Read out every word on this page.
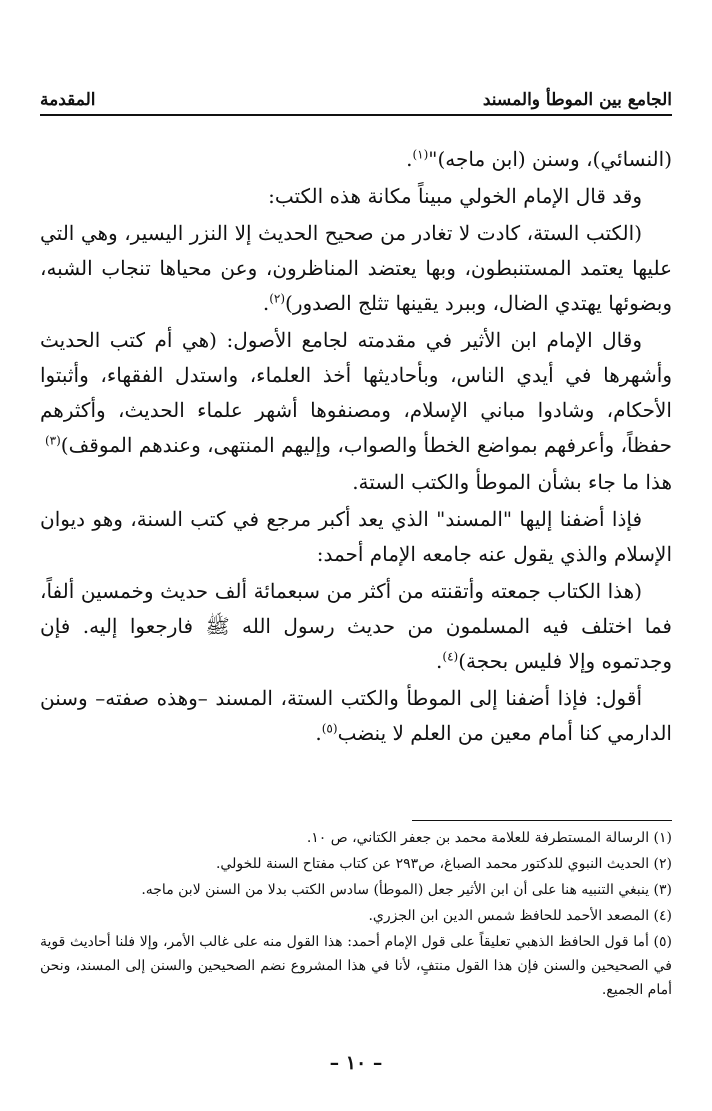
الجامع بين الموطأ والمسند
المقدمة

(النسائي)، وسنن (ابن ماجه)"$^{(١)}$.

وقد قال الإمام الخولي مبيناً مكانة هذه الكتب:

(الكتب الستة، كادت لا تغادر من صحيح الحديث إلا النزر اليسير، وهي التي عليها يعتمد المستنبطون، وبها يعتضد المناظرون، وعن محياها تنجاب الشبه، وبضوئها يهتدي الضال، وببرد يقينها تثلج الصدور)$^{(٢)}$.

وقال الإمام ابن الأثير في مقدمته لجامع الأصول: (هي أم كتب الحديث وأشهرها في أيدي الناس، وبأحاديثها أخذ العلماء، واستدل الفقهاء، وأثبتوا الأحكام، وشادوا مباني الإسلام، ومصنفوها أشهر علماء الحديث، وأكثرهم حفظاً، وأعرفهم بمواضع الخطأ والصواب، وإليهم المنتهى، وعندهم الموقف)$^{(٣)}$

هذا ما جاء بشأن الموطأ والكتب الستة.

فإذا أضفنا إليها "المسند" الذي يعد أكبر مرجع في كتب السنة، وهو ديوان الإسلام والذي يقول عنه جامعه الإمام أحمد:

(هذا الكتاب جمعته وأتقنته من أكثر من سبعمائة ألف حديث وخمسين ألفاً، فما اختلف فيه المسلمون من حديث رسول الله ﷺ فارجعوا إليه. فإن وجدتموه وإلا فليس بحجة)$^{(٤)}$.

أقول: فإذا أضفنا إلى الموطأ والكتب الستة، المسند –وهذه صفته– وسنن الدارمي كنا أمام معين من العلم لا ينضب$^{(٥)}$.

(١) الرسالة المستطرفة للعلامة محمد بن جعفر الكتاني، ص ١٠.

(٢) الحديث النبوي للدكتور محمد الصباغ، ص٢٩٣ عن كتاب مفتاح السنة للخولي.

(٣) ينبغي التنبيه هنا على أن ابن الأثير جعل (الموطأ) سادس الكتب بدلا من السنن لابن ماجه.

(٤) المصعد الأحمد للحافظ شمس الدين ابن الجزري.

(٥) أما قول الحافظ الذهبي تعليقاً على قول الإمام أحمد: هذا القول منه على غالب الأمر، وإلا فلنا أحاديث قوية في الصحيحين والسنن فإن هذا القول منتفٍ، لأنا في هذا المشروع نضم الصحيحين والسنن إلى المسند، ونحن أمام الجميع.

– ١٠ –
